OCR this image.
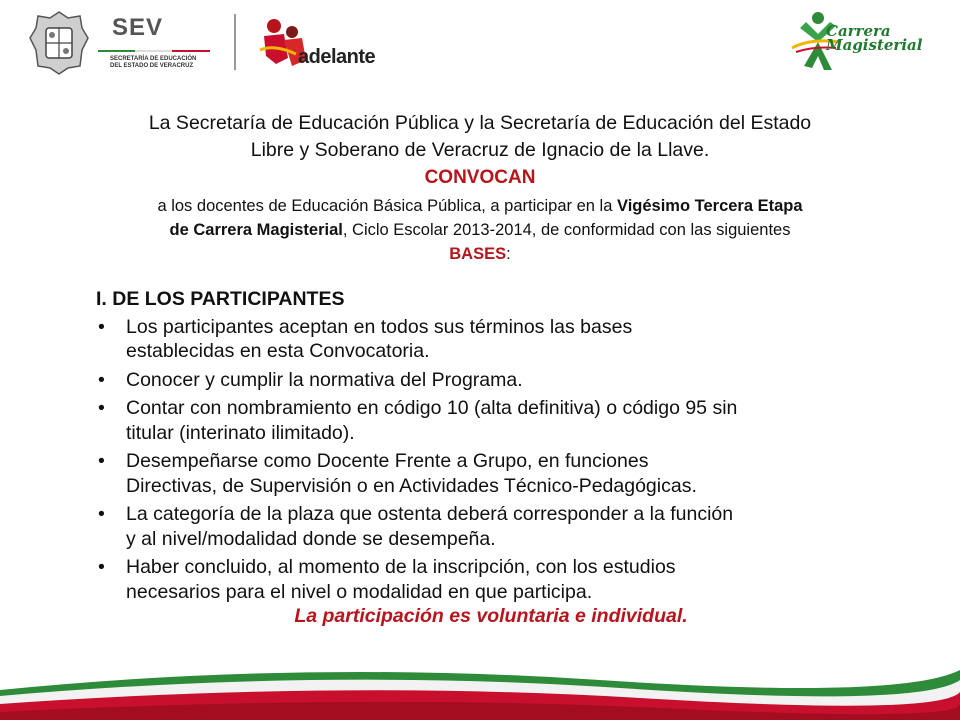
SEV
SECRETARÍA DE EDUCACIÓN
DEL ESTADO DE VERACRUZ	adelante
Carrera
Magisterial
La Secretaría de Educación Pública y la Secretaría de Educación del Estado
Libre y Soberano de Veracruz de Ignacio de la Llave.
CONVOCAN
a los docentes de Educación Básica Pública, a participar en la Vigésimo Tercera Etapa
de Carrera Magisterial, Ciclo Escolar 2013-2014, de conformidad con las siguientes
BASES:
I. DE LOS PARTICIPANTES
• Los participantes aceptan en todos sus términos las bases
establecidas en esta Convocatoria.
• Conocer y cumplir la normativa del Programa.
• Contar con nombramiento en código 10 (alta definitiva) o código 95 sin
titular (interinato ilimitado).
• Desempeñarse como Docente Frente a Grupo, en funciones
Directivas, de Supervisión o en Actividades Técnico-Pedagógicas.
• La categoría de la plaza que ostenta deberá corresponder a la función
y al nivel/modalidad donde se desempeña.
• Haber concluido, al momento de la inscripción, con los estudios
necesarios para el nivel o modalidad en que participa.
La participación es voluntaria e individual.
